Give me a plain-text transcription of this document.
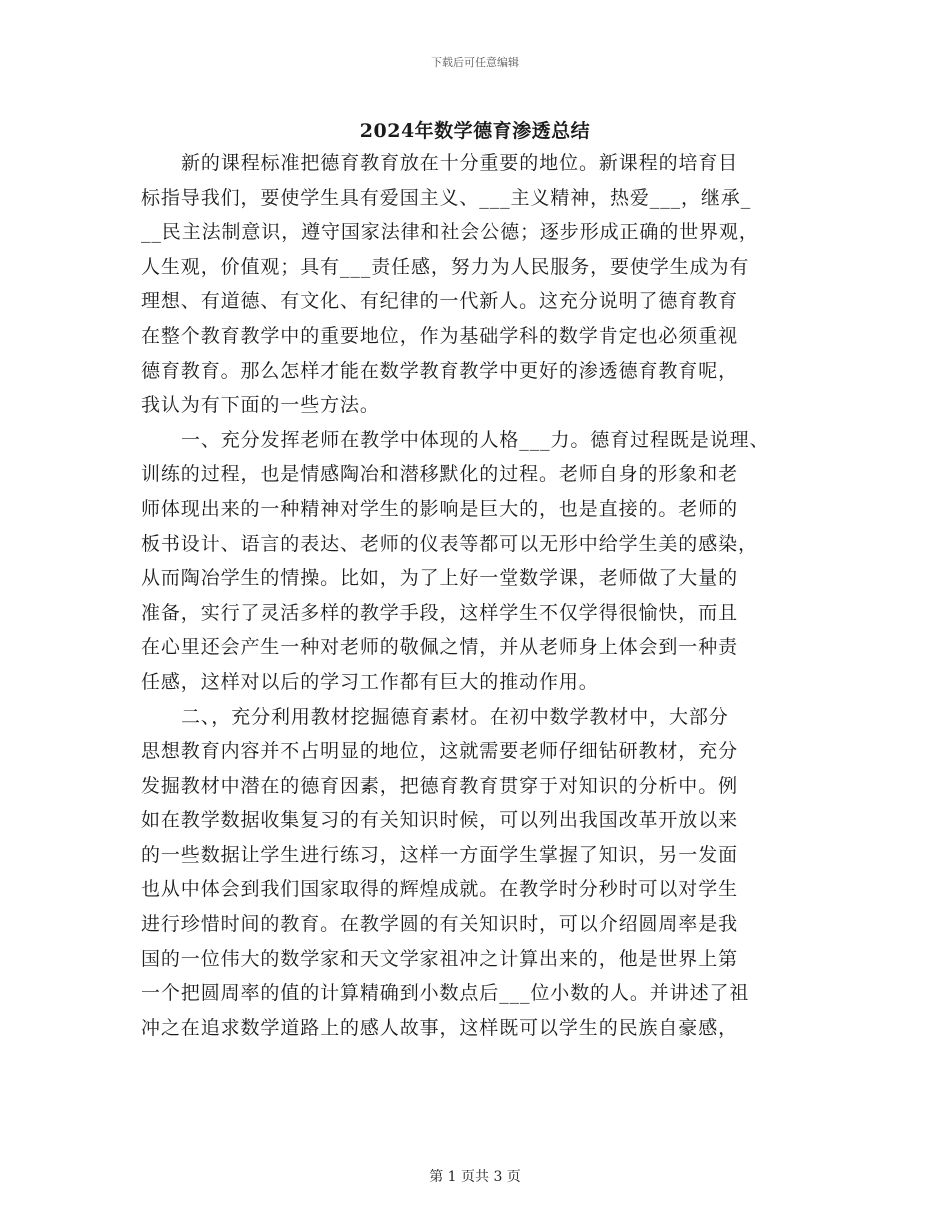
下载后可任意编辑
2024年数学德育渗透总结
新的课程标准把德育教育放在十分重要的地位。新课程的培育目
标指导我们，要使学生具有爱国主义、___主义精神，热爱___，继承_
__民主法制意识，遵守国家法律和社会公德；逐步形成正确的世界观，
人生观，价值观；具有___责任感，努力为人民服务，要使学生成为有
理想、有道德、有文化、有纪律的一代新人。这充分说明了德育教育
在整个教育教学中的重要地位，作为基础学科的数学肯定也必须重视
德育教育。那么怎样才能在数学教育教学中更好的渗透德育教育呢，
我认为有下面的一些方法。
一、充分发挥老师在教学中体现的人格___力。德育过程既是说理、
训练的过程，也是情感陶冶和潜移默化的过程。老师自身的形象和老
师体现出来的一种精神对学生的影响是巨大的，也是直接的。老师的
板书设计、语言的表达、老师的仪表等都可以无形中给学生美的感染，
从而陶冶学生的情操。比如，为了上好一堂数学课，老师做了大量的
准备，实行了灵活多样的教学手段，这样学生不仅学得很愉快，而且
在心里还会产生一种对老师的敬佩之情，并从老师身上体会到一种责
任感，这样对以后的学习工作都有巨大的推动作用。
二、，充分利用教材挖掘德育素材。在初中数学教材中，大部分
思想教育内容并不占明显的地位，这就需要老师仔细钻研教材，充分
发掘教材中潜在的德育因素，把德育教育贯穿于对知识的分析中。例
如在教学数据收集复习的有关知识时候，可以列出我国改革开放以来
的一些数据让学生进行练习，这样一方面学生掌握了知识，另一发面
也从中体会到我们国家取得的辉煌成就。在教学时分秒时可以对学生
进行珍惜时间的教育。在教学圆的有关知识时，可以介绍圆周率是我
国的一位伟大的数学家和天文学家祖冲之计算出来的，他是世界上第
一个把圆周率的值的计算精确到小数点后___位小数的人。并讲述了祖
冲之在追求数学道路上的感人故事，这样既可以学生的民族自豪感，
第 1 页共 3 页
